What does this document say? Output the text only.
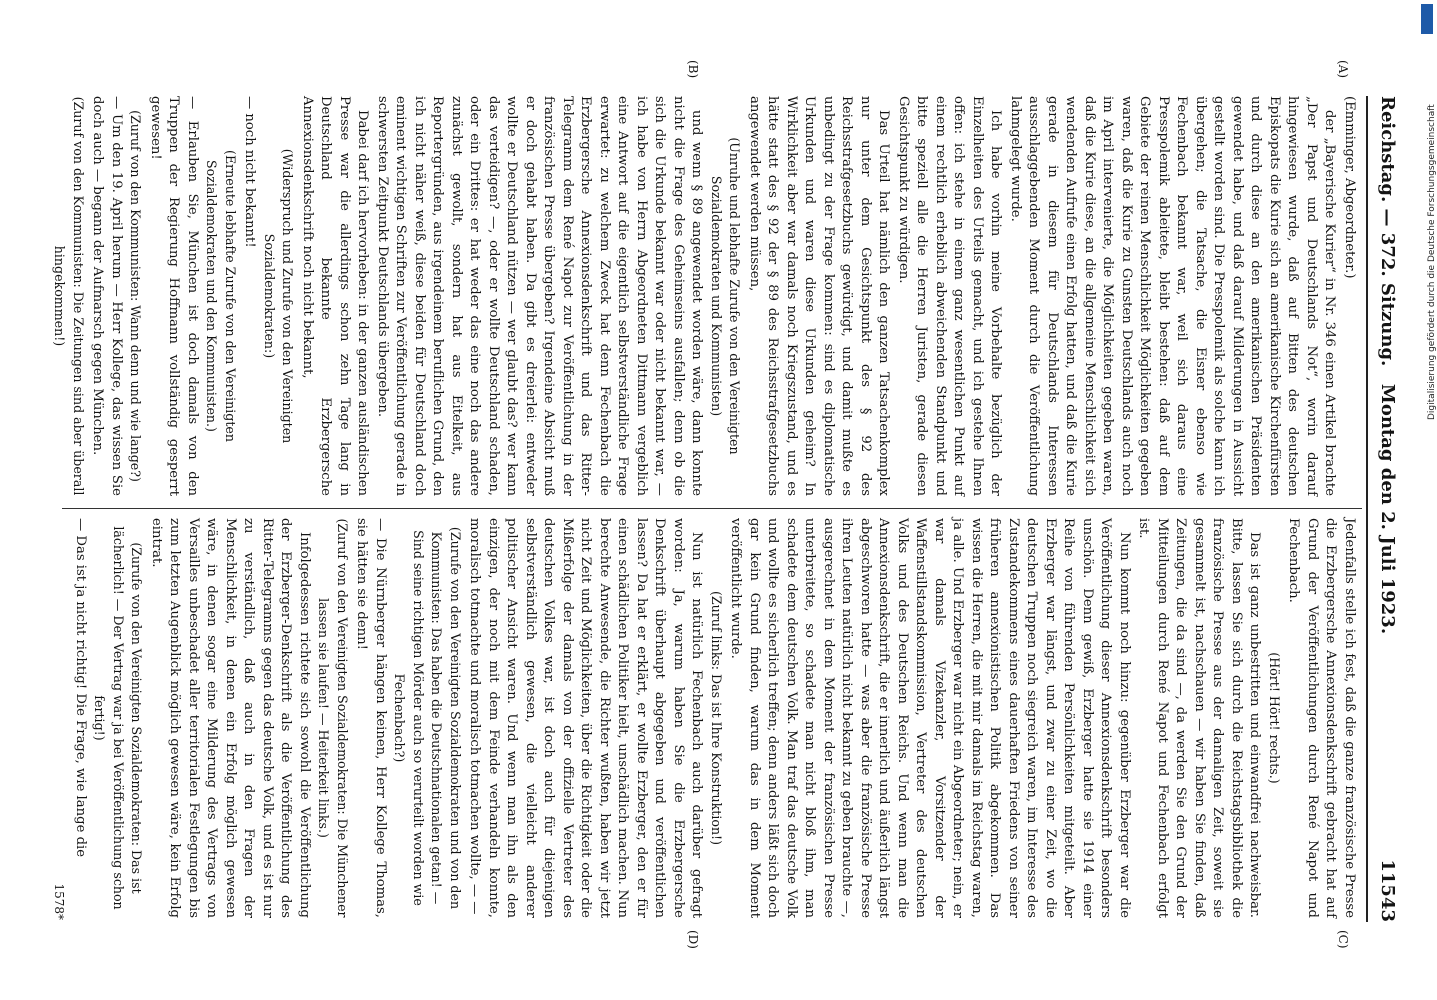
Reichstag. — 372. Sitzung.
Montag den 2. Juli 1923.
11543
(A)
(B)
(C)
(D)

(Emminger, Abgeordneter.)

der „Bayerische Kurier“ in Nr. 346 einen Artikel brachte „Der Papst und Deutschlands Not“, worin darauf hingewiesen wurde, daß auf Bitten des deutschen Episkopats die Kurie sich an amerikanische Kirchenfürsten und durch diese an den amerikanischen Präsidenten gewendet habe, und daß darauf Milderungen in Aussicht gestellt worden sind. Die Presspolemik als solche kann ich übergehen; die Tatsache, die Eisner ebenso wie Fechenbach bekannt war, weil sich daraus eine Presspolemik ableitete, bleibt bestehen: daß auf dem Gebiete der reinen Menschlichkeit Möglichkeiten gegeben waren, daß die Kurie zu Gunsten Deutschlands auch noch im April intervenierte, die Möglichkeiten gegeben waren, daß die Kurie diese, an die allgemeine Menschlichkeit sich wendenden Aufrufe einen Erfolg hatten, und daß die Kurie gerade in diesem für Deutschlands Interessen ausschlaggebenden Moment durch die Veröffentlichung lahmgelegt wurde.

Ich habe vorhin meine Vorbehalte bezüglich der Einzelheiten des Urteils gemacht, und ich gestehe Ihnen offen: ich stehe in einem ganz wesentlichen Punkt auf einem rechtlich erheblich abweichenden Standpunkt und bitte speziell alle die Herren Juristen, gerade diesen Gesichtspunkt zu würdigen.

Das Urteil hat nämlich den ganzen Tatsachenkomplex nur unter dem Gesichtspunkt des § 92 des Reichsstrafgesetzbuchs gewürdigt, und damit mußte es unbedingt zu der Frage kommen: sind es diplomatische Urkunden und waren diese Urkunden geheim? In Wirklichkeit aber war damals noch Kriegszustand, und es hätte statt des § 92 der § 89 des Reichsstrafgesetzbuchs angewendet werden müssen,

(Unruhe und lebhafte Zurufe von den Vereinigten Sozialdemokraten und Kommunisten)

und wenn § 89 angewendet worden wäre, dann konnte nicht die Frage des Geheimseins ausfallen; denn ob die sich die Urkunde bekannt war oder nicht bekannt war, — ich habe von Herrn Abgeordneten Dittmann vergeblich eine Antwort auf die eigentlich selbstverständliche Frage erwartet: zu welchem Zweck hat denn Fechenbach die Erzbergersche Annexionsdenkschrift und das Ritter-Telegramm dem René Napot zur Veröffentlichung in der französischen Presse übergeben? Irgendeine Absicht muß er doch gehabt haben. Da gibt es dreierlei: entweder wollte er Deutschland nützen — wer glaubt das? wer kann das verteidigen? —, oder er wollte Deutschland schaden, oder ein Drittes: er hat weder das eine noch das andere zunächst gewollt, sondern hat aus Eitelkeit, aus Reportergründen, aus irgendeinem beruflichen Grund, den ich nicht näher weiß, diese beiden für Deutschland doch eminent wichtigen Schriften zur Veröffentlichung gerade in schwersten Zeitpunkt Deutschlands übergeben.

Dabei darf ich hervorheben: in der ganzen ausländischen Presse war die allerdings schon zehn Tage lang in Deutschland bekannte Erzbergersche Annexionsdenkschrift noch nicht bekannt,

(Widerspruch und Zurufe von den Vereinigten Sozialdemokraten:)

— noch nicht bekannt!

(Erneute lebhafte Zurufe von den Vereinigten Sozialdemokraten und den Kommunisten.)

— Erlauben Sie, München ist doch damals von den Truppen der Regierung Hoffmann vollständig gesperrt gewesen!

(Zuruf von den Kommunisten: Wann denn und wie lange?)

— Um den 19. April herum — Herr Kollege, das wissen Sie doch auch — begann der Aufmarsch gegen München.

(Zuruf von den Kommunisten: Die Zeitungen sind aber überall hingekommen!)

Jedenfalls stelle ich fest, daß die ganze französische Presse die Erzbergersche Annexionsdenkschrift gebracht hat auf Grund der Veröffentlichungen durch René Napot und Fechenbach.

(Hört! Hört! rechts.)

Das ist ganz unbestritten und einwandfrei nachweisbar. Bitte, lassen Sie sich durch die Reichstagsbibliothek die französische Presse aus der damaligen Zeit, soweit sie gesammelt ist, nachschauen — wir haben Sie finden, daß Zeitungen, die da sind —, da werden Sie den Grund der Mitteilungen durch René Napot und Fechenbach erfolgt ist.

Nun kommt noch hinzu: gegenüber Erzberger war die Veröffentlichung dieser Annexionsdenkschrift besonders unschön. Denn gewiß, Erzberger hatte sie 1914 einer Reihe von führenden Persönlichkeiten mitgeteilt. Aber Erzberger war längst, und zwar zu einer Zeit, wo die deutschen Truppen noch siegreich waren, im Interesse des Zustandekommens eines dauerhaften Friedens von seiner früheren annexionistischen Politik abgekommen. Das wissen die Herren, die mit mir damals im Reichstag waren, ja alle. Und Erzberger war nicht ein Abgeordneter; nein, er war damals Vizekanzler, Vorsitzender der Waffenstillstandskommission, Vertreter des deutschen Volks und des Deutschen Reichs. Und wenn man die Annexionsdenkschrift, die er innerlich und äußerlich längst abgeschworen hatte — was aber die französische Presse ihren Leuten natürlich nicht bekannt zu geben brauchte —, ausgerechnet in dem Moment der französischen Presse unterbreitete, so schadete man nicht bloß ihm, man schadete dem deutschen Volk. Man traf das deutsche Volk und wollte es sicherlich treffen; denn anders läßt sich doch gar kein Grund finden, warum das in dem Moment veröffentlicht wurde.

(Zuruf links: Das ist Ihre Konstruktion!)

Nun ist natürlich Fechenbach auch darüber gefragt worden: Ja, warum haben Sie die Erzbergersche Denkschrift überhaupt abgegeben und veröffentlichen lassen? Da hat er erklärt, er wollte Erzberger, den er für einen schädlichen Politiker hielt, unschädlich machen. Nun berechte Anwesende, die Richter wußten, haben wir jetzt nicht Zeit und Möglichkeiten, über die Richtigkeit oder die Mißerfolge der damals von der offizielle Vertreter des deutschen Volkes war, ist doch auch für diejenigen selbstverständlich gewesen, die vielleicht anderer politischer Ansicht waren. Und wenn man ihn als den einzigen, der noch mit dem Feinde verhandeln konnte, moralisch totmachte und moralisch totmachen wollte, — —

(Zurufe von den Vereinigten Sozialdemokraten und von den Kommunisten: Das haben die Deutschnationalen getan! — Sind seine richtigen Mörder auch so verurteilt worden wie Fechenbach?)

— Die Nürnberger hängen keinen, Herr Kollege Thomas, sie hätten sie denn!

(Zuruf von den Vereinigten Sozialdemokraten: Die Münchener lassen sie laufen! — Heiterkeit links.)

Infolgedessen richtete sich sowohl die Veröffentlichung der Erzberger-Denkschrift als die Veröffentlichung des Ritter-Telegramms gegen das deutsche Volk, und es ist nur zu verständlich, daß auch in den Fragen der Menschlichkeit, in denen ein Erfolg möglich gewesen wäre, in denen sogar eine Milderung des Vertrags von Versailles unbeschadet aller territorialen Festlegungen bis zum letzten Augenblick möglich gewesen wäre, kein Erfolg eintrat.

(Zurufe von den Vereinigten Sozialdemokraten: Das ist lächerlich! — Der Vertrag war ja bei Veröffentlichung schon fertig!)

— Das ist ja nicht richtig! Die Frage, wie lange die

1578*
Digitalisierung gefördert durch die Deutsche Forschungsgemeinschaft
